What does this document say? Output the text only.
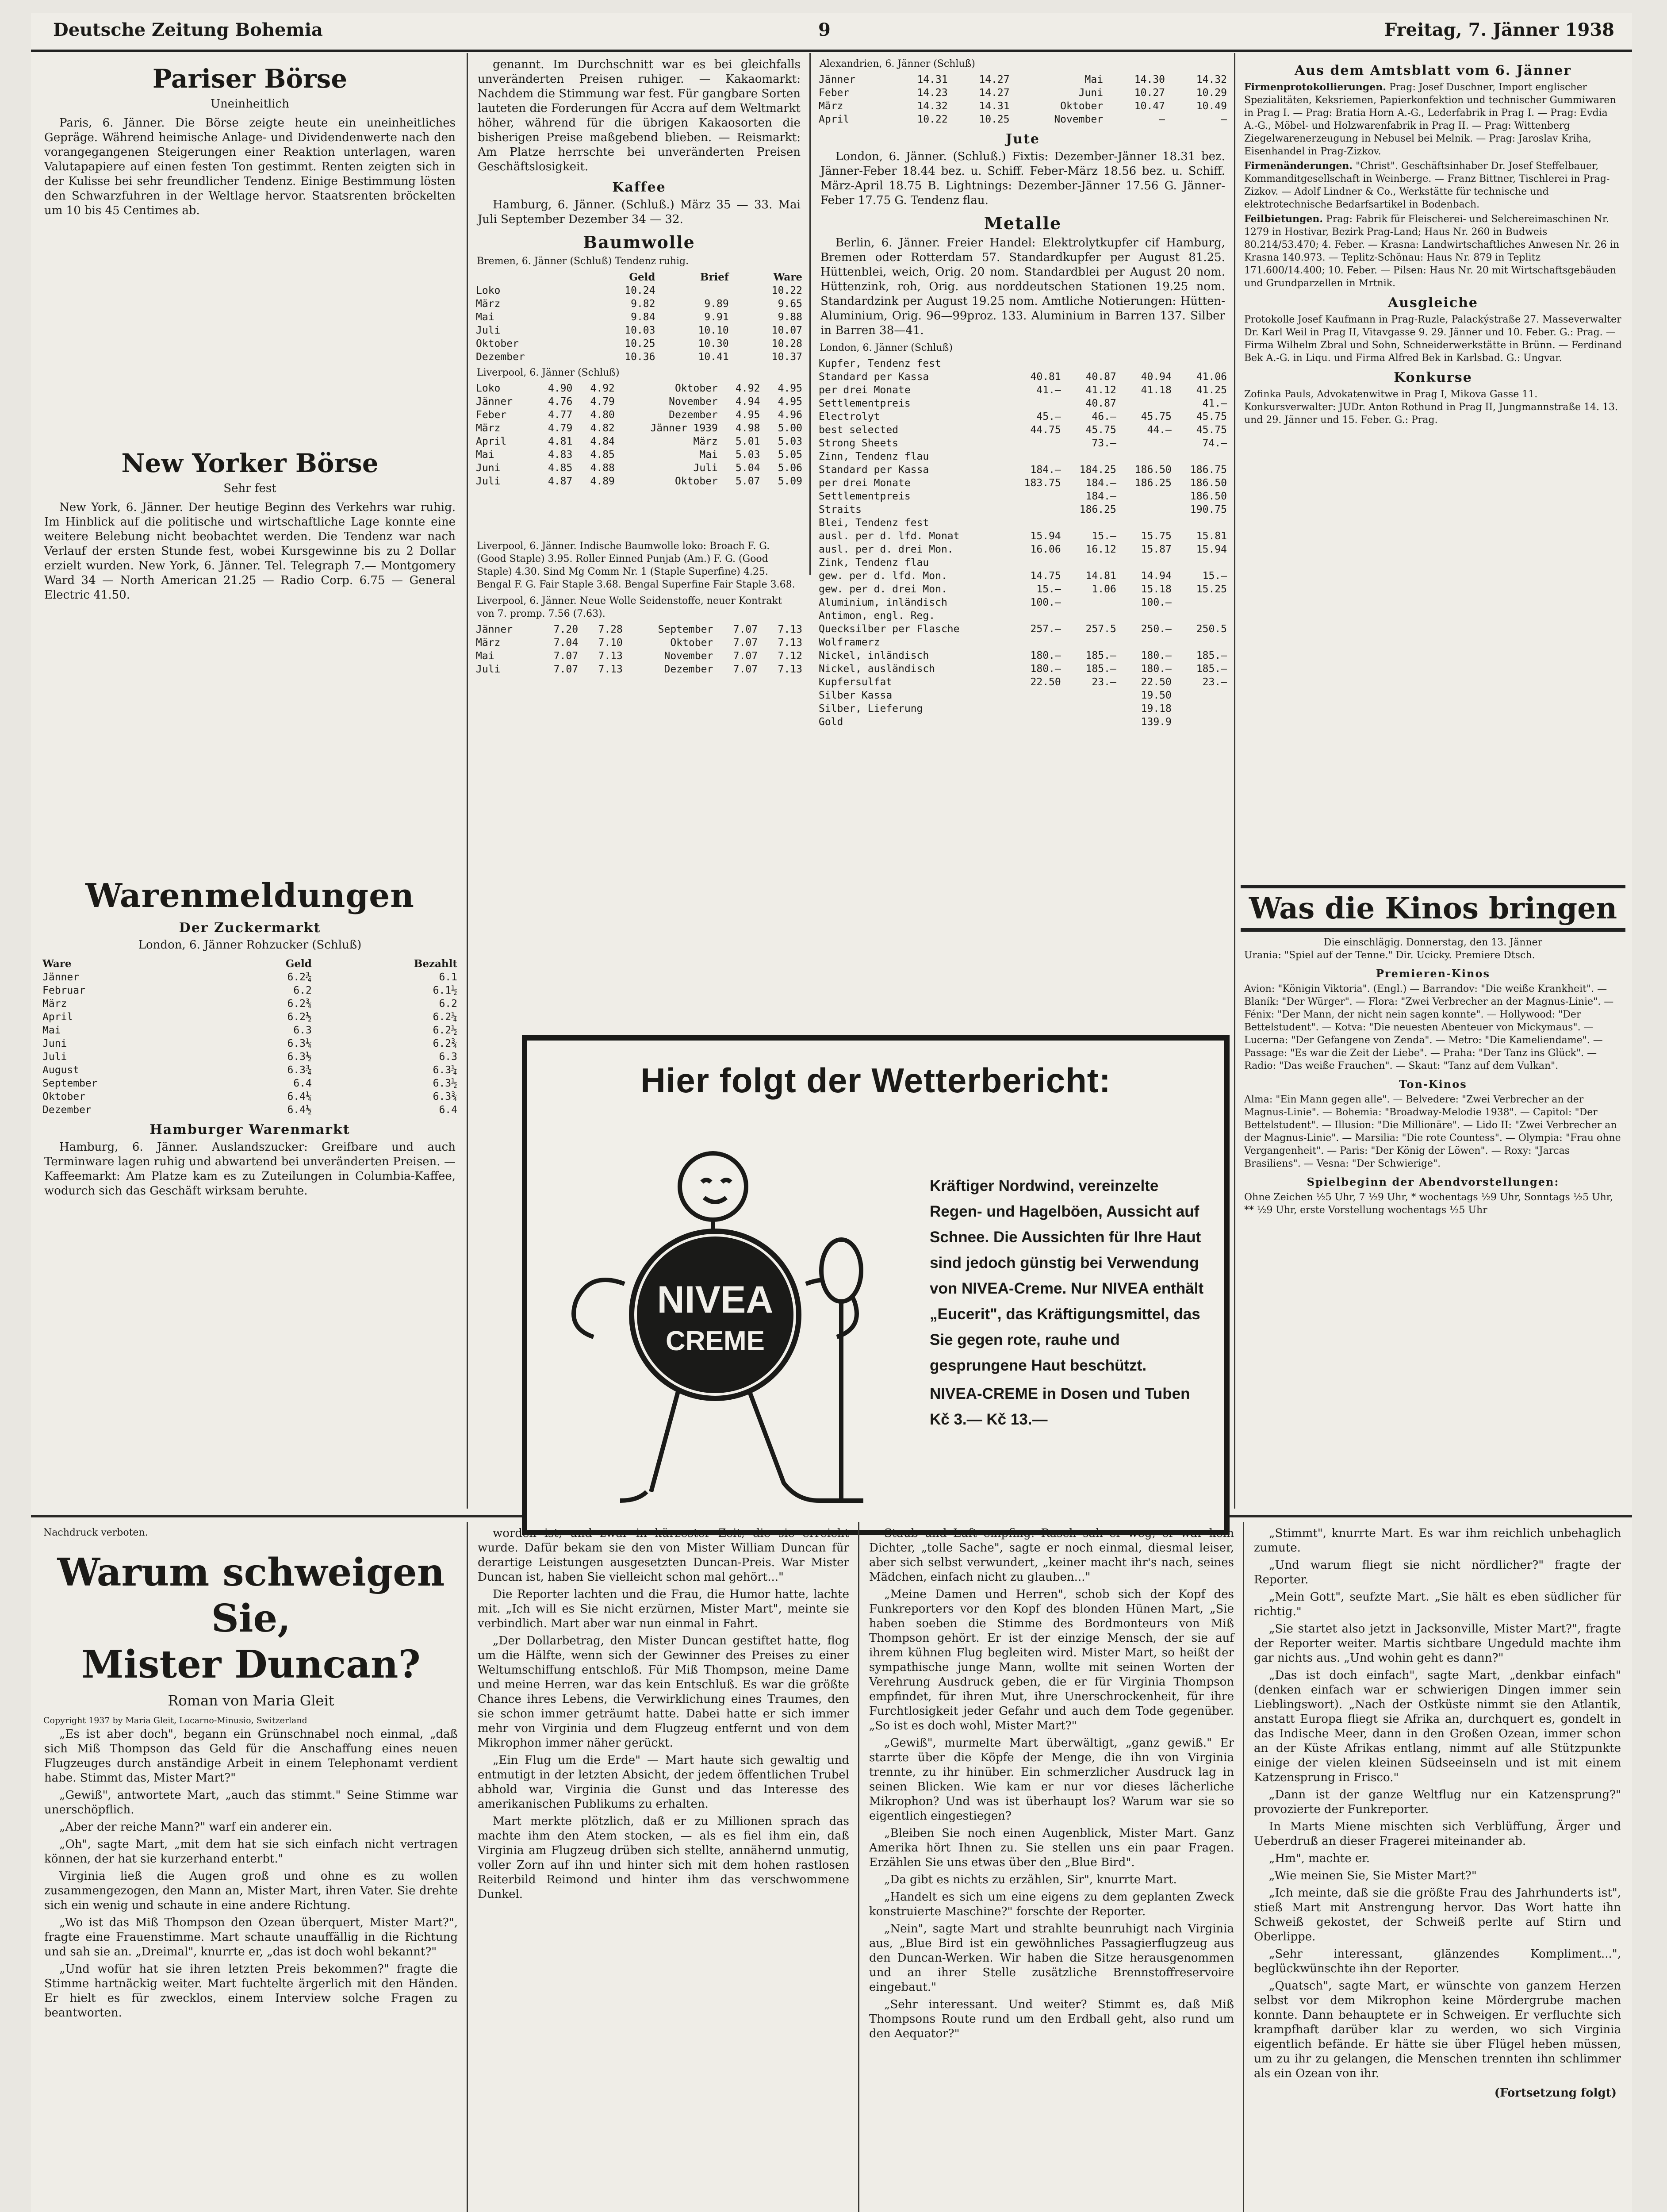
Deutsche Zeitung Bohemia	9	Freitag, 7. Jänner 1938
Pariser Börse
Uneinheitlich

Paris, 6. Jänner. Die Börse zeigte heute ein uneinheitliches Gepräge. Während heimische Anlage- und Dividendenwerte nach den vorangegangenen Steigerungen einer Reaktion unterlagen, waren Valutapapiere auf einen festen Ton gestimmt. Renten zeigten sich in der Kulisse bei sehr freundlicher Tendenz. Einige Bestimmung lösten den Schwarzfuhren in der Weltlage hervor. Staatsrenten bröckelten um 10 bis 45 Centimes ab.

New Yorker Börse
Sehr fest

New York, 6. Jänner. Der heutige Beginn des Verkehrs war ruhig. Im Hinblick auf die politische und wirtschaftliche Lage konnte eine weitere Belebung nicht beobachtet werden. Die Tendenz war nach Verlauf der ersten Stunde fest, wobei Kursgewinne bis zu 2 Dollar erzielt wurden. New York, 6. Jänner. Tel. Telegraph 7.— Montgomery Ward 34 — North American 21.25 — Radio Corp. 6.75 — General Electric 41.50.

Warenmeldungen
Der Zuckermarkt
London, 6. Jänner Rohzucker (Schluß)
Ware	Geld	Bezahlt
Jänner	6.2¾	6.1
Februar	6.2	6.1½
März	6.2¾	6.2
April	6.2½	6.2¼
Mai	6.3	6.2½
Juni	6.3¼	6.2¾
Juli	6.3½	6.3
August	6.3¾	6.3¼
September	6.4	6.3½
Oktober	6.4¼	6.3¾
Dezember	6.4½	6.4
Hamburger Warenmarkt

Hamburg, 6. Jänner. Auslandszucker: Greifbare und auch Terminware lagen ruhig und abwartend bei unveränderten Preisen. — Kaffeemarkt: Am Platze kam es zu Zuteilungen in Columbia-Kaffee, wodurch sich das Geschäft wirksam beruhte.

genannt. Im Durchschnitt war es bei gleichfalls unveränderten Preisen ruhiger. — Kakaomarkt: Nachdem die Stimmung war fest. Für gangbare Sorten lauteten die Forderungen für Accra auf dem Weltmarkt höher, während für die übrigen Kakaosorten die bisherigen Preise maßgebend blieben. — Reismarkt: Am Platze herrschte bei unveränderten Preisen Geschäftslosigkeit.

Kaffee

Hamburg, 6. Jänner. (Schluß.) März 35 — 33. Mai Juli September Dezember 34 — 32.

Baumwolle
Bremen, 6. Jänner (Schluß) Tendenz ruhig.
	Geld	Brief	Ware
Loko	10.24		10.22
März	9.82	9.89	9.65
Mai	9.84	9.91	9.88
Juli	10.03	10.10	10.07
Oktober	10.25	10.30	10.28
Dezember	10.36	10.41	10.37
Liverpool, 6. Jänner (Schluß)
Loko	4.90	4.92	Oktober	4.92	4.95
Jänner	4.76	4.79	November	4.94	4.95
Feber	4.77	4.80	Dezember	4.95	4.96
März	4.79	4.82	Jänner 1939	4.98	5.00
April	4.81	4.84	März	5.01	5.03
Mai	4.83	4.85	Mai	5.03	5.05
Juni	4.85	4.88	Juli	5.04	5.06
Juli	4.87	4.89	Oktober	5.07	5.09
Liverpool, 6. Jänner. Indische Baumwolle loko: Broach F. G. (Good Staple) 3.95. Roller Einned Punjab (Am.) F. G. (Good Staple) 4.30. Sind Mg Comm Nr. 1 (Staple Superfine) 4.25. Bengal F. G. Fair Staple 3.68. Bengal Superfine Fair Staple 3.68.
Liverpool, 6. Jänner. Neue Wolle Seidenstoffe, neuer Kontrakt von 7. promp. 7.56 (7.63).
Jänner	7.20	7.28	September	7.07	7.13
März	7.04	7.10	Oktober	7.07	7.13
Mai	7.07	7.13	November	7.07	7.12
Juli	7.07	7.13	Dezember	7.07	7.13
Alexandrien, 6. Jänner (Schluß)
Jänner	14.31	14.27	Mai	14.30	14.32
Feber	14.23	14.27	Juni	10.27	10.29
März	14.32	14.31	Oktober	10.47	10.49
April	10.22	10.25	November	—	—
Jute

London, 6. Jänner. (Schluß.) Fixtis: Dezember-Jänner 18.31 bez. Jänner-Feber 18.44 bez. u. Schiff. Feber-März 18.56 bez. u. Schiff. März-April 18.75 B. Lightnings: Dezember-Jänner 17.56 G. Jänner-Feber 17.75 G. Tendenz flau.

Metalle

Berlin, 6. Jänner. Freier Handel: Elektrolytkupfer cif Hamburg, Bremen oder Rotterdam 57. Standardkupfer per August 81.25. Hüttenblei, weich, Orig. 20 nom. Standardblei per August 20 nom. Hüttenzink, roh, Orig. aus norddeutschen Stationen 19.25 nom. Standardzink per August 19.25 nom. Amtliche Notierungen: Hütten-Aluminium, Orig. 96—99proz. 133. Aluminium in Barren 137. Silber in Barren 38—41.

London, 6. Jänner (Schluß)
Kupfer, Tendenz fest				
Standard per Kassa	40.81	40.87	40.94	41.06
per drei Monate	41.—	41.12	41.18	41.25
Settlementpreis		40.87		41.—
Electrolyt	45.—	46.—	45.75	45.75
best selected	44.75	45.75	44.—	45.75
Strong Sheets		73.—		74.—
Zinn, Tendenz flau				
Standard per Kassa	184.—	184.25	186.50	186.75
per drei Monate	183.75	184.—	186.25	186.50
Settlementpreis		184.—		186.50
Straits		186.25		190.75
Blei, Tendenz fest				
ausl. per d. lfd. Monat	15.94	15.—	15.75	15.81
ausl. per d. drei Mon.	16.06	16.12	15.87	15.94
Zink, Tendenz flau				
gew. per d. lfd. Mon.	14.75	14.81	14.94	15.—
gew. per d. drei Mon.	15.—	1.06	15.18	15.25
Aluminium, inländisch	100.—		100.—	
Antimon, engl. Reg.				
Quecksilber per Flasche	257.—	257.5	250.—	250.5
Wolframerz				
Nickel, inländisch	180.—	185.—	180.—	185.—
Nickel, ausländisch	180.—	185.—	180.—	185.—
Kupfersulfat	22.50	23.—	22.50	23.—
Silber Kassa			19.50	
Silber, Lieferung			19.18	
Gold			139.9	
Aus dem Amtsblatt vom 6. Jänner

Firmenprotokollierungen. Prag: Josef Duschner, Import englischer Spezialitäten, Keksriemen, Papierkonfektion und technischer Gummiwaren in Prag I. — Prag: Bratia Horn A.-G., Lederfabrik in Prag I. — Prag: Evdia A.-G., Möbel- und Holzwarenfabrik in Prag II. — Prag: Wittenberg Ziegelwarenerzeugung in Nebusel bei Melnik. — Prag: Jaroslav Kriha, Eisenhandel in Prag-Zizkov.

Firmenänderungen. "Christ". Geschäftsinhaber Dr. Josef Steffelbauer, Kommanditgesellschaft in Weinberge. — Franz Bittner, Tischlerei in Prag-Zizkov. — Adolf Lindner & Co., Werkstätte für technische und elektrotechnische Bedarfsartikel in Bodenbach.

Feilbietungen. Prag: Fabrik für Fleischerei- und Selchereimaschinen Nr. 1279 in Hostivar, Bezirk Prag-Land; Haus Nr. 260 in Budweis 80.214/53.470; 4. Feber. — Krasna: Landwirtschaftliches Anwesen Nr. 26 in Krasna 140.973. — Teplitz-Schönau: Haus Nr. 879 in Teplitz 171.600/14.400; 10. Feber. — Pilsen: Haus Nr. 20 mit Wirtschaftsgebäuden und Grundparzellen in Mrtnik.

Ausgleiche
Protokolle Josef Kaufmann in Prag-Ruzle, Palackýstraße 27. Masseverwalter Dr. Karl Weil in Prag II, Vitavgasse 9. 29. Jänner und 10. Feber. G.: Prag. — Firma Wilhelm Zbral und Sohn, Schneiderwerkstätte in Brünn. — Ferdinand Bek A.-G. in Liqu. und Firma Alfred Bek in Karlsbad. G.: Ungvar.
Konkurse
Zofinka Pauls, Advokatenwitwe in Prag I, Mikova Gasse 11. Konkursverwalter: JUDr. Anton Rothund in Prag II, Jungmannstraße 14. 13. und 29. Jänner und 15. Feber. G.: Prag.
Was die Kinos bringen
Die einschlägig. Donnerstag, den 13. Jänner
Urania: "Spiel auf der Tenne." Dir. Ucicky. Premiere Dtsch.
Premieren-Kinos
Avion: "Königin Viktoria". (Engl.) — Barrandov: "Die weiße Krankheit". — Blaník: "Der Würger". — Flora: "Zwei Verbrecher an der Magnus-Linie". — Fénix: "Der Mann, der nicht nein sagen konnte". — Hollywood: "Der Bettelstudent". — Kotva: "Die neuesten Abenteuer von Mickymaus". — Lucerna: "Der Gefangene von Zenda". — Metro: "Die Kameliendame". — Passage: "Es war die Zeit der Liebe". — Praha: "Der Tanz ins Glück". — Radio: "Das weiße Frauchen". — Skaut: "Tanz auf dem Vulkan".
Ton-Kinos
Alma: "Ein Mann gegen alle". — Belvedere: "Zwei Verbrecher an der Magnus-Linie". — Bohemia: "Broadway-Melodie 1938". — Capitol: "Der Bettelstudent". — Illusion: "Die Millionäre". — Lido II: "Zwei Verbrecher an der Magnus-Linie". — Marsilia: "Die rote Countess". — Olympia: "Frau ohne Vergangenheit". — Paris: "Der König der Löwen". — Roxy: "Jarcas Brasiliens". — Vesna: "Der Schwierige".
Spielbeginn der Abendvorstellungen:
Ohne Zeichen ½5 Uhr, 7 ½9 Uhr, * wochentags ½9 Uhr, Sonntags ½5 Uhr, ** ½9 Uhr, erste Vorstellung wochentags ½5 Uhr
Hier folgt der Wetterbericht:
NIVEA
CREME

Kräftiger Nordwind, vereinzelte Regen- und Hagelböen, Aussicht auf Schnee. Die Aussichten für Ihre Haut sind jedoch günstig bei Verwendung von NIVEA-Creme. Nur NIVEA enthält „Eucerit", das Kräftigungsmittel, das Sie gegen rote, rauhe und gesprungene Haut beschützt.

NIVEA-CREME in Dosen und Tuben Kč 3.— Kč 13.—

Nachdruck verboten.
Warum schweigen Sie,
Mister Duncan?
Roman von Maria Gleit
Copyright 1937 by Maria Gleit, Locarno-Minusio, Switzerland

„Es ist aber doch", begann ein Grünschnabel noch einmal, „daß sich Miß Thompson das Geld für die Anschaffung eines neuen Flugzeuges durch anständige Arbeit in einem Telephonamt verdient habe. Stimmt das, Mister Mart?"

„Gewiß", antwortete Mart, „auch das stimmt." Seine Stimme war unerschöpflich.

„Aber der reiche Mann?" warf ein anderer ein.

„Oh", sagte Mart, „mit dem hat sie sich einfach nicht vertragen können, der hat sie kurzerhand enterbt."

Virginia ließ die Augen groß und ohne es zu wollen zusammengezogen, den Mann an, Mister Mart, ihren Vater. Sie drehte sich ein wenig und schaute in eine andere Richtung.

„Wo ist das Miß Thompson den Ozean überquert, Mister Mart?", fragte eine Frauenstimme. Mart schaute unauffällig in die Richtung und sah sie an. „Dreimal", knurrte er, „das ist doch wohl bekannt?"

„Und wofür hat sie ihren letzten Preis bekommen?" fragte die Stimme hartnäckig weiter. Mart fuchtelte ärgerlich mit den Händen. Er hielt es für zwecklos, einem Interview solche Fragen zu beantworten.

worden ist, und zwar in kürzester Zeit, die sie erreicht wurde. Dafür bekam sie den von Mister William Duncan für derartige Leistungen ausgesetzten Duncan-Preis. War Mister Duncan ist, haben Sie vielleicht schon mal gehört..."

Die Reporter lachten und die Frau, die Humor hatte, lachte mit. „Ich will es Sie nicht erzürnen, Mister Mart", meinte sie verbindlich. Mart aber war nun einmal in Fahrt.

„Der Dollarbetrag, den Mister Duncan gestiftet hatte, flog um die Hälfte, wenn sich der Gewinner des Preises zu einer Weltumschiffung entschloß. Für Miß Thompson, meine Dame und meine Herren, war das kein Entschluß. Es war die größte Chance ihres Lebens, die Verwirklichung eines Traumes, den sie schon immer geträumt hatte. Dabei hatte er sich immer mehr von Virginia und dem Flugzeug entfernt und von dem Mikrophon immer näher gerückt.

„Ein Flug um die Erde" — Mart haute sich gewaltig und entmutigt in der letzten Absicht, der jedem öffentlichen Trubel abhold war, Virginia die Gunst und das Interesse des amerikanischen Publikums zu erhalten.

Mart merkte plötzlich, daß er zu Millionen sprach das machte ihm den Atem stocken, — als es fiel ihm ein, daß Virginia am Flugzeug drüben sich stellte, annähernd unmutig, voller Zorn auf ihn und hinter sich mit dem hohen rastlosen Reiterbild Reimond und hinter ihm das verschwommene Dunkel.

Staub und Luft empfing. Rasch sah er weg, er war kein Dichter, „tolle Sache", sagte er noch einmal, diesmal leiser, aber sich selbst verwundert, „keiner macht ihr's nach, seines Mädchen, einfach nicht zu glauben..."

„Meine Damen und Herren", schob sich der Kopf des Funkreporters vor den Kopf des blonden Hünen Mart, „Sie haben soeben die Stimme des Bordmonteurs von Miß Thompson gehört. Er ist der einzige Mensch, der sie auf ihrem kühnen Flug begleiten wird. Mister Mart, so heißt der sympathische junge Mann, wollte mit seinen Worten der Verehrung Ausdruck geben, die er für Virginia Thompson empfindet, für ihren Mut, ihre Unerschrockenheit, für ihre Furchtlosigkeit jeder Gefahr und auch dem Tode gegenüber. „So ist es doch wohl, Mister Mart?"

„Gewiß", murmelte Mart überwältigt, „ganz gewiß." Er starrte über die Köpfe der Menge, die ihn von Virginia trennte, zu ihr hinüber. Ein schmerzlicher Ausdruck lag in seinen Blicken. Wie kam er nur vor dieses lächerliche Mikrophon? Und was ist überhaupt los? Warum war sie so eigentlich eingestiegen?

„Bleiben Sie noch einen Augenblick, Mister Mart. Ganz Amerika hört Ihnen zu. Sie stellen uns ein paar Fragen. Erzählen Sie uns etwas über den „Blue Bird".

„Da gibt es nichts zu erzählen, Sir", knurrte Mart.

„Handelt es sich um eine eigens zu dem geplanten Zweck konstruierte Maschine?" forschte der Reporter.

„Nein", sagte Mart und strahlte beunruhigt nach Virginia aus, „Blue Bird ist ein gewöhnliches Passagierflugzeug aus den Duncan-Werken. Wir haben die Sitze herausgenommen und an ihrer Stelle zusätzliche Brennstoffreservoire eingebaut."

„Sehr interessant. Und weiter? Stimmt es, daß Miß Thompsons Route rund um den Erdball geht, also rund um den Aequator?"

„Stimmt", knurrte Mart. Es war ihm reichlich unbehaglich zumute.

„Und warum fliegt sie nicht nördlicher?" fragte der Reporter.

„Mein Gott", seufzte Mart. „Sie hält es eben südlicher für richtig."

„Sie startet also jetzt in Jacksonville, Mister Mart?", fragte der Reporter weiter. Martis sichtbare Ungeduld machte ihm gar nichts aus. „Und wohin geht es dann?"

„Das ist doch einfach", sagte Mart, „denkbar einfach" (denken einfach war er schwierigen Dingen immer sein Lieblingswort). „Nach der Ostküste nimmt sie den Atlantik, anstatt Europa fliegt sie Afrika an, durchquert es, gondelt in das Indische Meer, dann in den Großen Ozean, immer schon an der Küste Afrikas entlang, nimmt auf alle Stützpunkte einige der vielen kleinen Südseeinseln und ist mit einem Katzensprung in Frisco."

„Dann ist der ganze Weltflug nur ein Katzensprung?" provozierte der Funkreporter.

In Marts Miene mischten sich Verblüffung, Ärger und Ueberdruß an dieser Fragerei miteinander ab.

„Hm", machte er.

„Wie meinen Sie, Sie Mister Mart?"

„Ich meinte, daß sie die größte Frau des Jahrhunderts ist", stieß Mart mit Anstrengung hervor. Das Wort hatte ihn Schweiß gekostet, der Schweiß perlte auf Stirn und Oberlippe.

„Sehr interessant, glänzendes Kompliment...", beglückwünschte ihn der Reporter.

„Quatsch", sagte Mart, er wünschte von ganzem Herzen selbst vor dem Mikrophon keine Mördergrube machen konnte. Dann behauptete er in Schweigen. Er verfluchte sich krampfhaft darüber klar zu werden, wo sich Virginia eigentlich befände. Er hätte sie über Flügel heben müssen, um zu ihr zu gelangen, die Menschen trennten ihn schlimmer als ein Ozean von ihr.

(Fortsetzung folgt)
